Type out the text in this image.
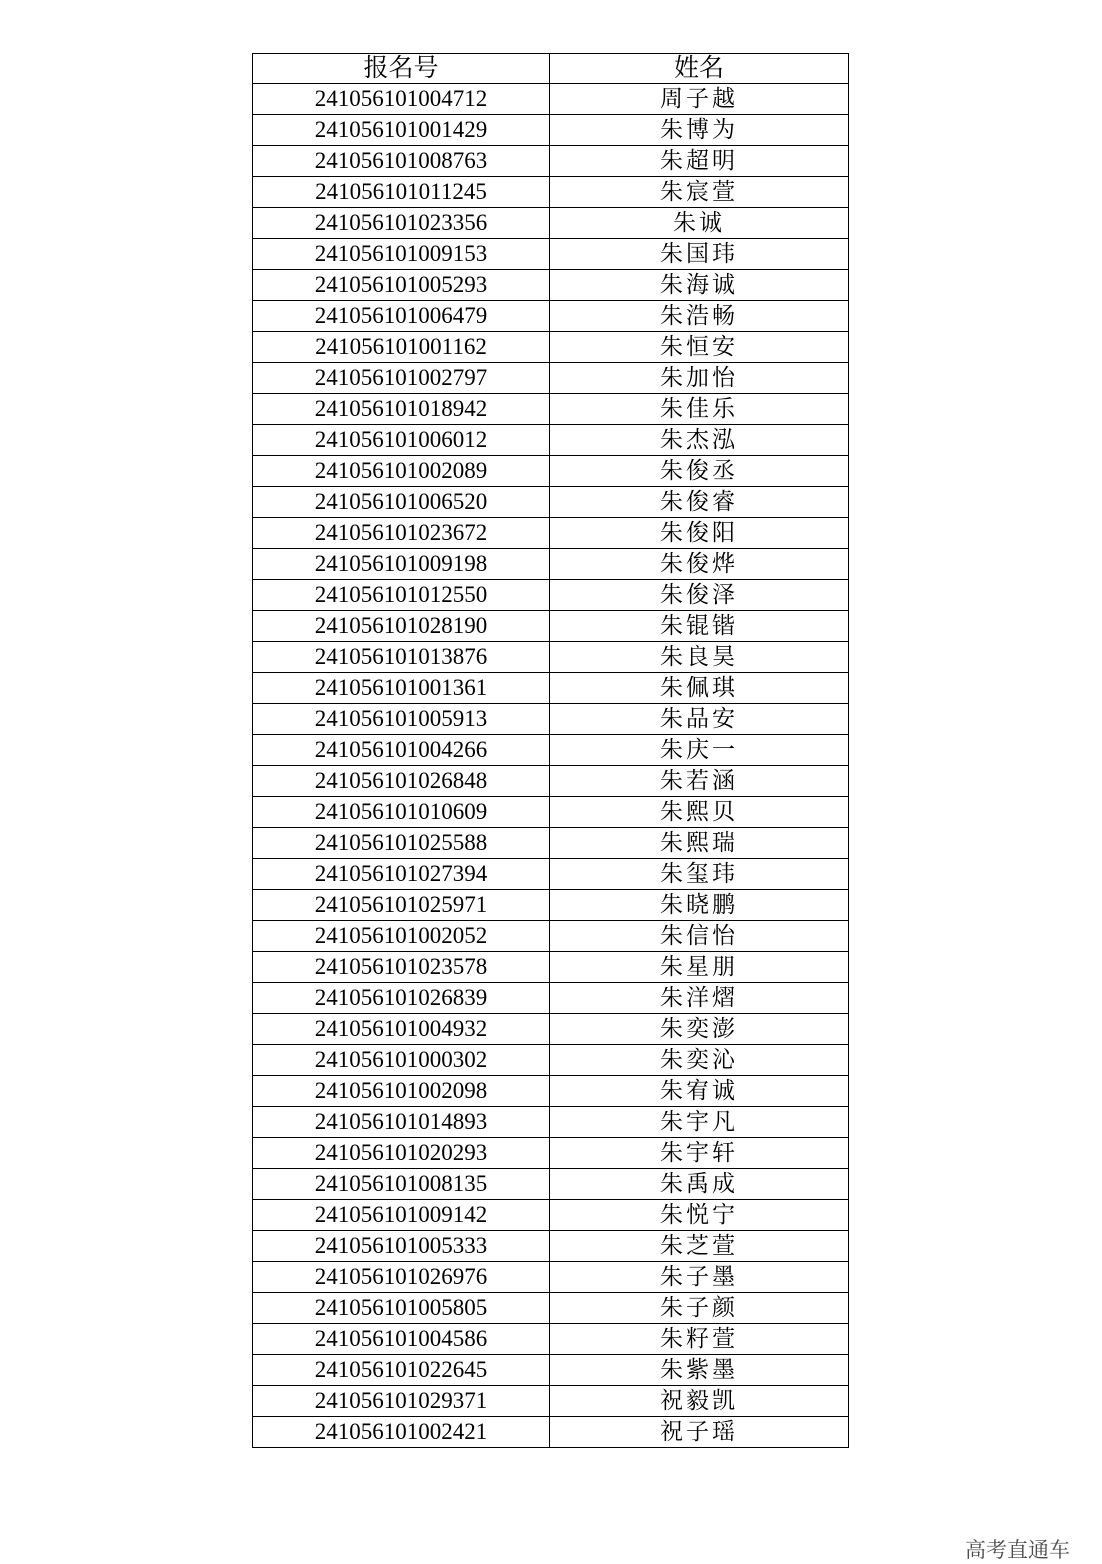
报名号	姓名
241056101004712	周子越
241056101001429	朱博为
241056101008763	朱超明
241056101011245	朱宸萱
241056101023356	朱诚
241056101009153	朱国玮
241056101005293	朱海诚
241056101006479	朱浩畅
241056101001162	朱恒安
241056101002797	朱加怡
241056101018942	朱佳乐
241056101006012	朱杰泓
241056101002089	朱俊丞
241056101006520	朱俊睿
241056101023672	朱俊阳
241056101009198	朱俊烨
241056101012550	朱俊泽
241056101028190	朱锟锴
241056101013876	朱良昊
241056101001361	朱佩琪
241056101005913	朱品安
241056101004266	朱庆一
241056101026848	朱若涵
241056101010609	朱熙贝
241056101025588	朱熙瑞
241056101027394	朱玺玮
241056101025971	朱晓鹏
241056101002052	朱信怡
241056101023578	朱星朋
241056101026839	朱洋熠
241056101004932	朱奕澎
241056101000302	朱奕沁
241056101002098	朱宥诚
241056101014893	朱宇凡
241056101020293	朱宇轩
241056101008135	朱禹成
241056101009142	朱悦宁
241056101005333	朱芝萱
241056101026976	朱子墨
241056101005805	朱子颜
241056101004586	朱籽萱
241056101022645	朱紫墨
241056101029371	祝毅凯
241056101002421	祝子瑶
高考直通车
